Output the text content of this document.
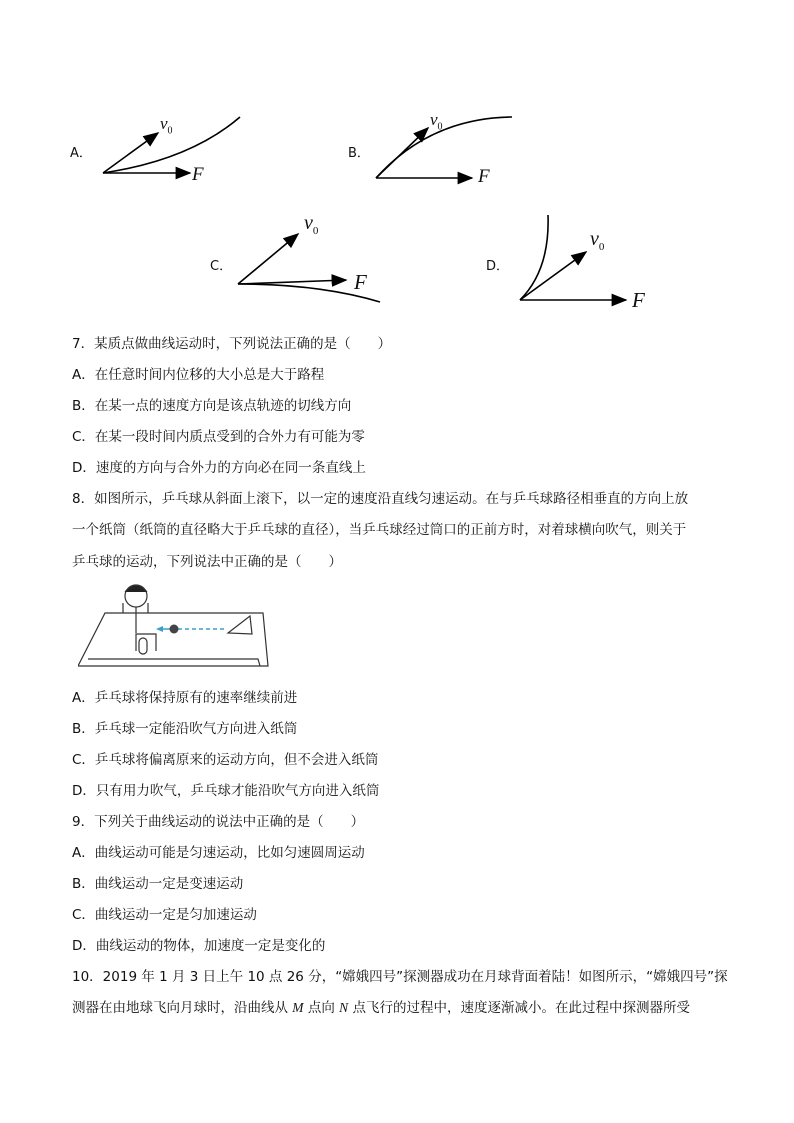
A．
$v_0$
F
B．
$v_0$
F
C．
$v_0$
F
D．
$v_0$
F
7．某质点做曲线运动时，下列说法正确的是（　　）
A．在任意时间内位移的大小总是大于路程
B．在某一点的速度方向是该点轨迹的切线方向
C．在某一段时间内质点受到的合外力有可能为零
D．速度的方向与合外力的方向必在同一条直线上
8．如图所示，乒乓球从斜面上滚下，以一定的速度沿直线匀速运动。在与乒乓球路径相垂直的方向上放
一个纸筒（纸筒的直径略大于乒乓球的直径），当乒乓球经过筒口的正前方时，对着球横向吹气，则关于
乒乓球的运动，下列说法中正确的是（　　）
A．乒乓球将保持原有的速率继续前进
B．乒乓球一定能沿吹气方向进入纸筒
C．乒乓球将偏离原来的运动方向，但不会进入纸筒
D．只有用力吹气，乒乓球才能沿吹气方向进入纸筒
9．下列关于曲线运动的说法中正确的是（　　）
A．曲线运动可能是匀速运动，比如匀速圆周运动
B．曲线运动一定是变速运动
C．曲线运动一定是匀加速运动
D．曲线运动的物体，加速度一定是变化的
10．2019 年 1 月 3 日上午 10 点 26 分，“嫦娥四号”探测器成功在月球背面着陆！如图所示，“嫦娥四号”探
测器在由地球飞向月球时，沿曲线从 M 点向 N 点飞行的过程中，速度逐渐减小。在此过程中探测器所受
